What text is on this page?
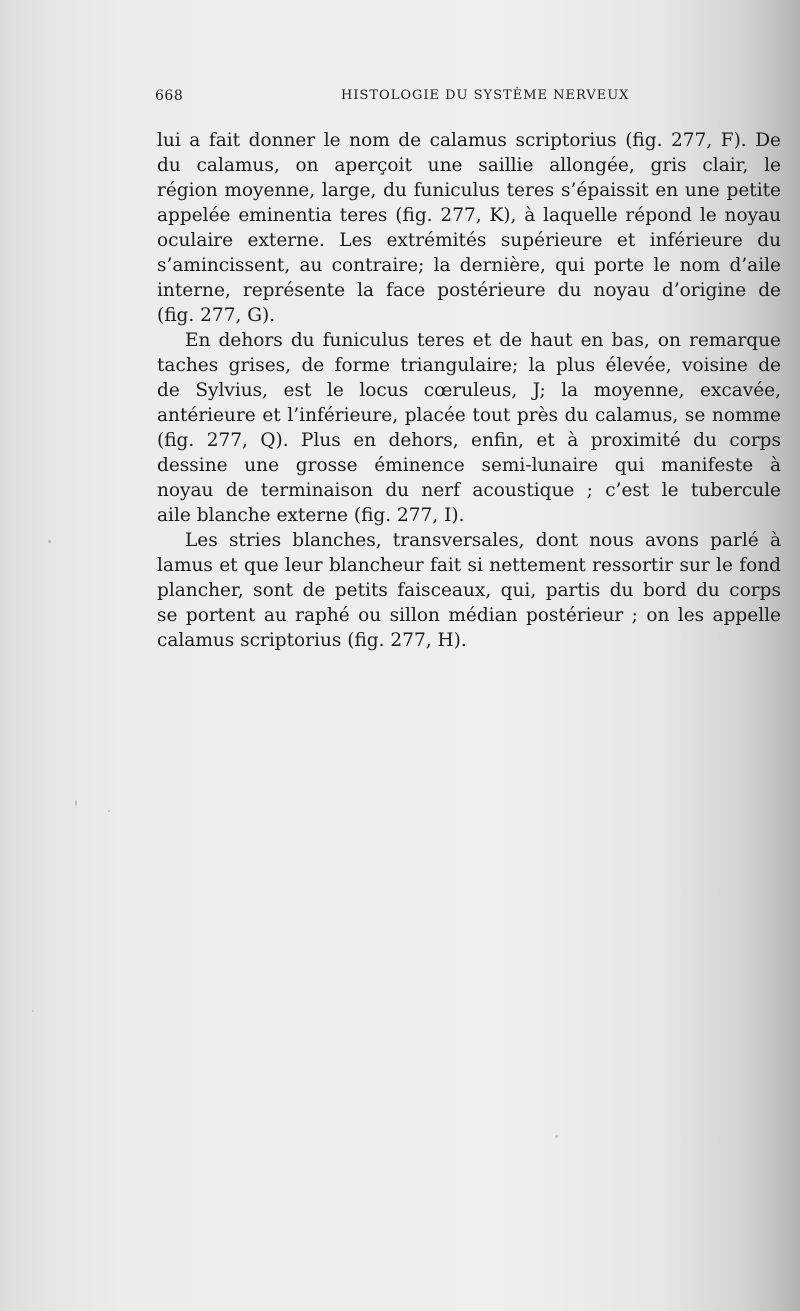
668	HISTOLOGIE DU SYSTÈME NERVEUX
lui a fait donner le nom de calamus scriptorius (fig. 277, F). De
du calamus, on aperçoit une saillie allongée, gris clair, le
région moyenne, large, du funiculus teres s’épaissit en une petite
appelée eminentia teres (fig. 277, K), à laquelle répond le noyau
oculaire externe. Les extrémités supérieure et inférieure du
s’amincissent, au contraire; la dernière, qui porte le nom d’aile
interne, représente la face postérieure du noyau d’origine de
(fig. 277, G).
En dehors du funiculus teres et de haut en bas, on remarque
taches grises, de forme triangulaire; la plus élevée, voisine de
de Sylvius, est le locus cœruleus, J; la moyenne, excavée,
antérieure et l’inférieure, placée tout près du calamus, se nomme
(fig. 277, Q). Plus en dehors, enfin, et à proximité du corps
dessine une grosse éminence semi-lunaire qui manifeste à
noyau de terminaison du nerf acoustique ; c’est le tubercule
aile blanche externe (fig. 277, I).
Les stries blanches, transversales, dont nous avons parlé à
lamus et que leur blancheur fait si nettement ressortir sur le fond
plancher, sont de petits faisceaux, qui, partis du bord du corps
se portent au raphé ou sillon médian postérieur ; on les appelle
calamus scriptorius (fig. 277, H).
